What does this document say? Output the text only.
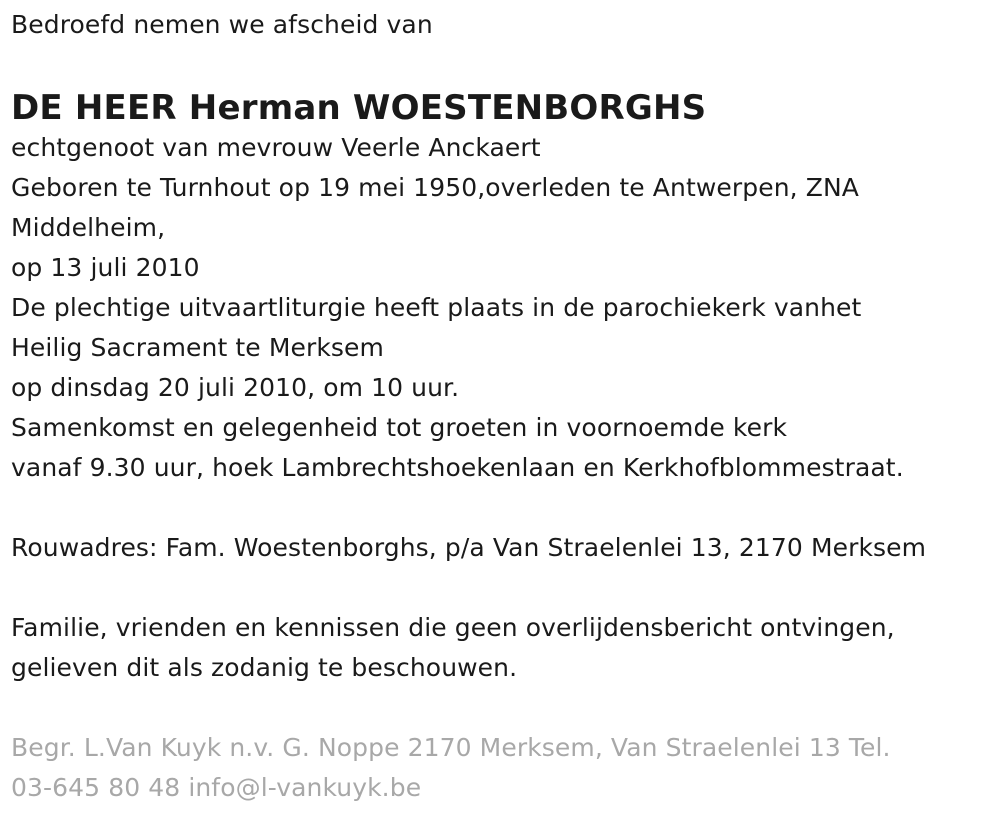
Bedroefd nemen we afscheid van
DE HEER Herman WOESTENBORGHS
echtgenoot van mevrouw Veerle Anckaert
Geboren te Turnhout op 19 mei 1950,overleden te Antwerpen, ZNA
Middelheim,
op 13 juli 2010
De plechtige uitvaartliturgie heeft plaats in de parochiekerk vanhet
Heilig Sacrament te Merksem
op dinsdag 20 juli 2010, om 10 uur.
Samenkomst en gelegenheid tot groeten in voornoemde kerk
vanaf 9.30 uur, hoek Lambrechtshoekenlaan en Kerkhofblommestraat.
Rouwadres: Fam. Woestenborghs, p/a Van Straelenlei 13, 2170 Merksem
Familie, vrienden en kennissen die geen overlijdensbericht ontvingen,
gelieven dit als zodanig te beschouwen.
Begr. L.Van Kuyk n.v. G. Noppe 2170 Merksem, Van Straelenlei 13 Tel.
03-645 80 48 info@l-vankuyk.be
